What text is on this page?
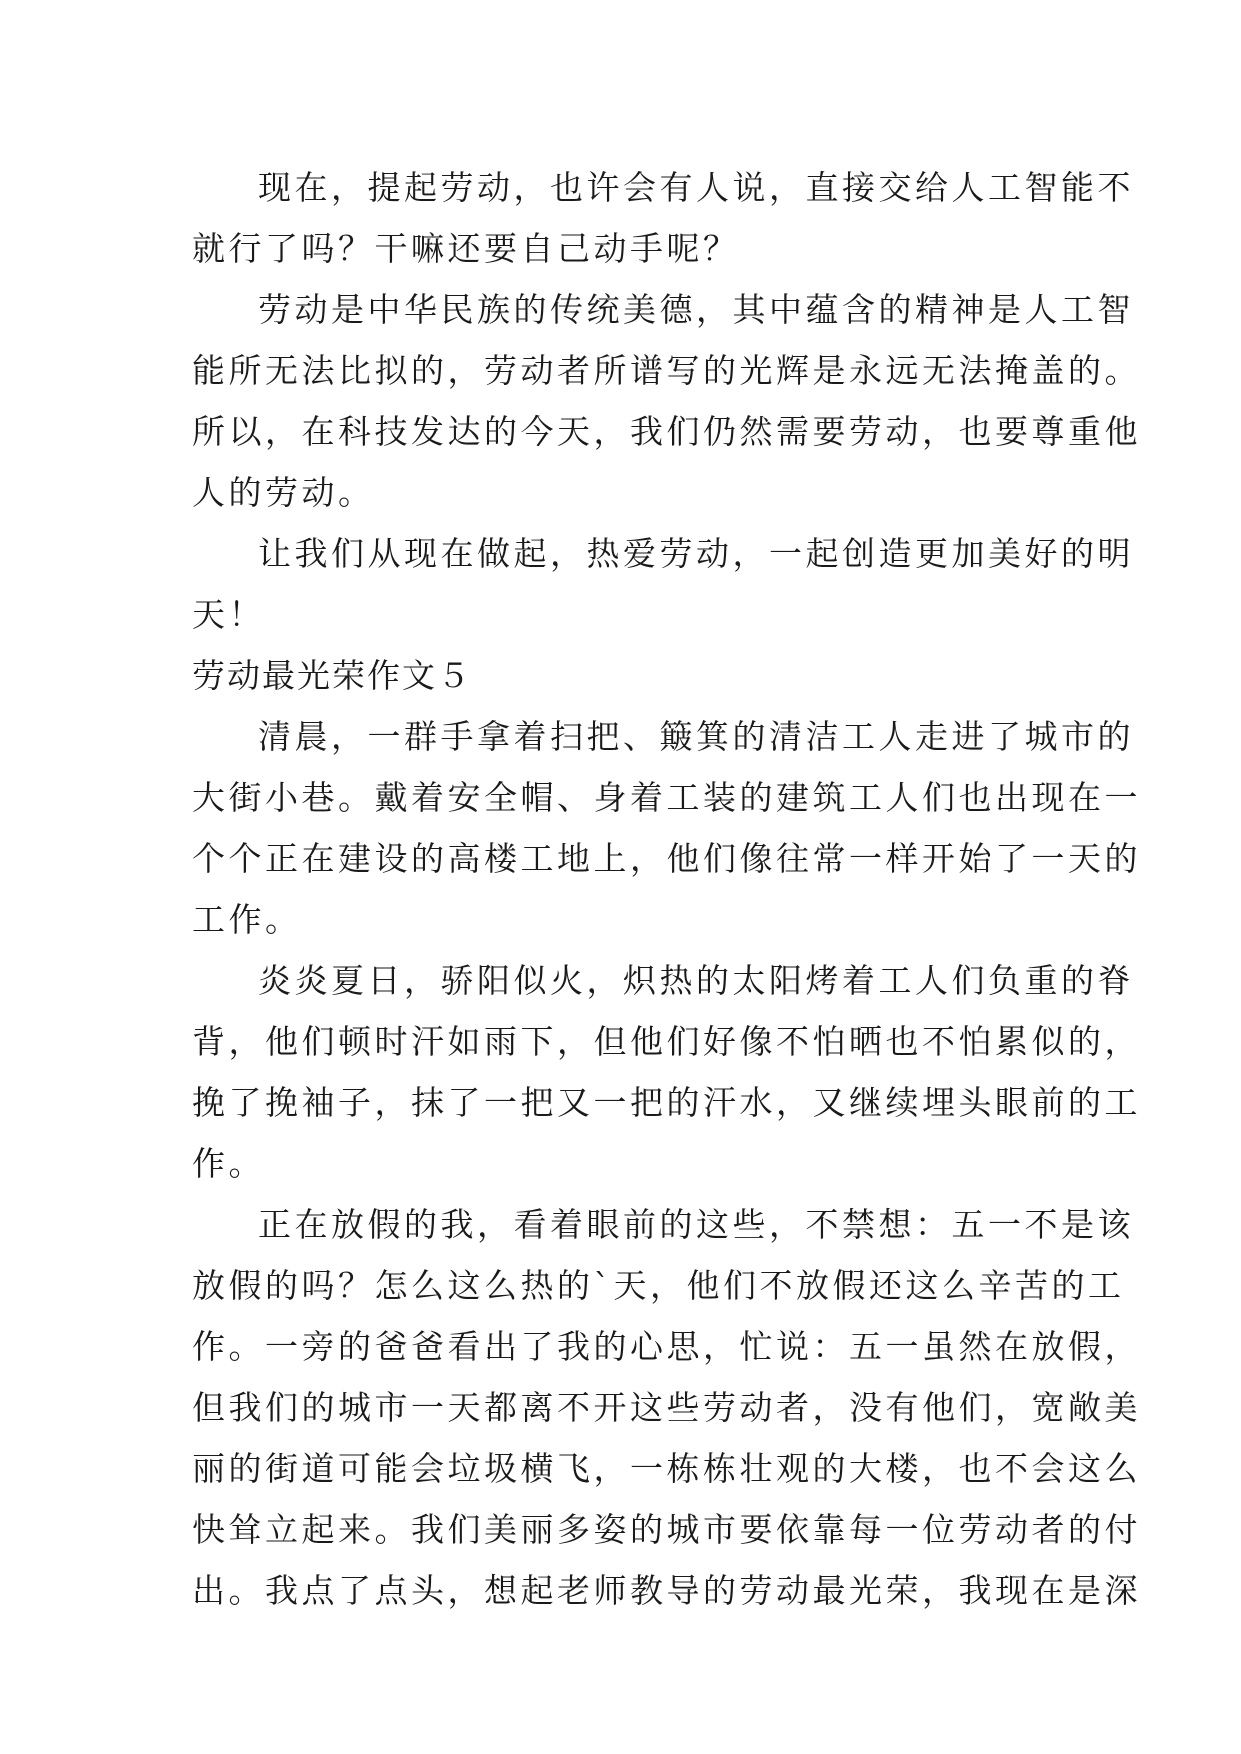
现在，提起劳动，也许会有人说，直接交给人工智能不
就行了吗？干嘛还要自己动手呢？
劳动是中华民族的传统美德，其中蕴含的精神是人工智
能所无法比拟的，劳动者所谱写的光辉是永远无法掩盖的。
所以，在科技发达的今天，我们仍然需要劳动，也要尊重他
人的劳动。
让我们从现在做起，热爱劳动，一起创造更加美好的明
天！
劳动最光荣作文５
清晨，一群手拿着扫把、簸箕的清洁工人走进了城市的
大街小巷。戴着安全帽、身着工装的建筑工人们也出现在一
个个正在建设的高楼工地上，他们像往常一样开始了一天的
工作。
炎炎夏日，骄阳似火，炽热的太阳烤着工人们负重的脊
背，他们顿时汗如雨下，但他们好像不怕晒也不怕累似的，
挽了挽袖子，抹了一把又一把的汗水，又继续埋头眼前的工
作。
正在放假的我，看着眼前的这些，不禁想：五一不是该
放假的吗？怎么这么热的`天，他们不放假还这么辛苦的工
作。一旁的爸爸看出了我的心思，忙说：五一虽然在放假，
但我们的城市一天都离不开这些劳动者，没有他们，宽敞美
丽的街道可能会垃圾横飞，一栋栋壮观的大楼，也不会这么
快耸立起来。我们美丽多姿的城市要依靠每一位劳动者的付
出。我点了点头，想起老师教导的劳动最光荣，我现在是深
